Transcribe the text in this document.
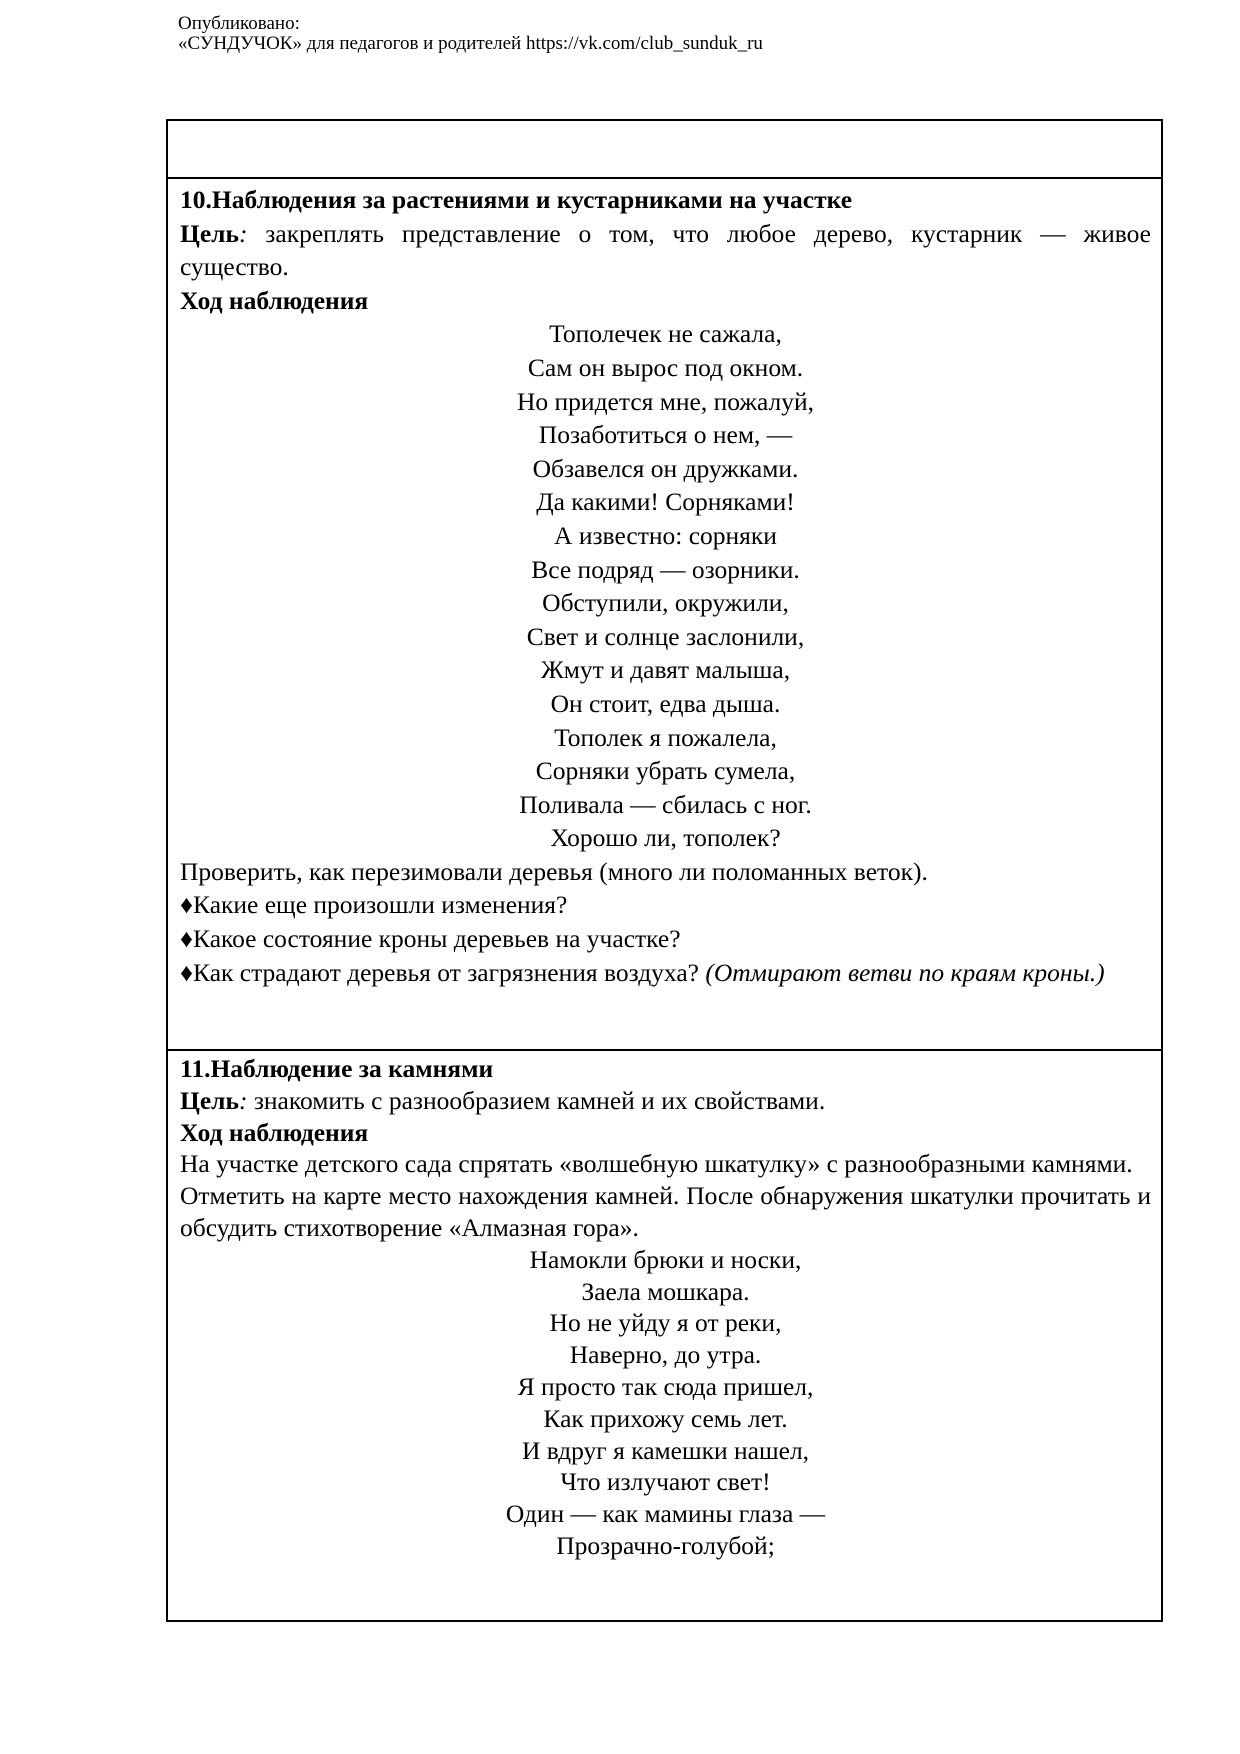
Опубликовано:
«СУНДУЧОК» для педагогов и родителей https://vk.com/club_sunduk_ru

10.Наблюдения за растениями и кустарниками на участке

Цель: закреплять представление о том, что любое дерево, кустарник — живое существо.

Ход наблюдения

Тополечек не сажала,

Сам он вырос под окном.

Но придется мне, пожалуй,

Позаботиться о нем, —

Обзавелся он дружками.

Да какими! Сорняками!

А известно: сорняки

Все подряд — озорники.

Обступили, окружили,

Свет и солнце заслонили,

Жмут и давят малыша,

Он стоит, едва дыша.

Тополек я пожалела,

Сорняки убрать сумела,

Поливала — сбилась с ног.

Хорошо ли, тополек?

Проверить, как перезимовали деревья (много ли поломанных веток).

♦Какие еще произошли изменения?

♦Какое состояние кроны деревьев на участке?

♦Как страдают деревья от загрязнения воздуха? (Отмирают ветви по краям кроны.)

11.Наблюдение за камнями

Цель: знакомить с разнообразием камней и их свойствами.

Ход наблюдения

На участке детского сада спрятать «волшебную шкатулку» с разнообразными камнями.

Отметить на карте место нахождения камней. После обнаружения шкатулки прочитать и обсудить стихотворение «Алмазная гора».

Намокли брюки и носки,

Заела мошкара.

Но не уйду я от реки,

Наверно, до утра.

Я просто так сюда пришел,

Как прихожу семь лет.

И вдруг я камешки нашел,

Что излучают свет!

Один — как мамины глаза —

Прозрачно-голубой;
